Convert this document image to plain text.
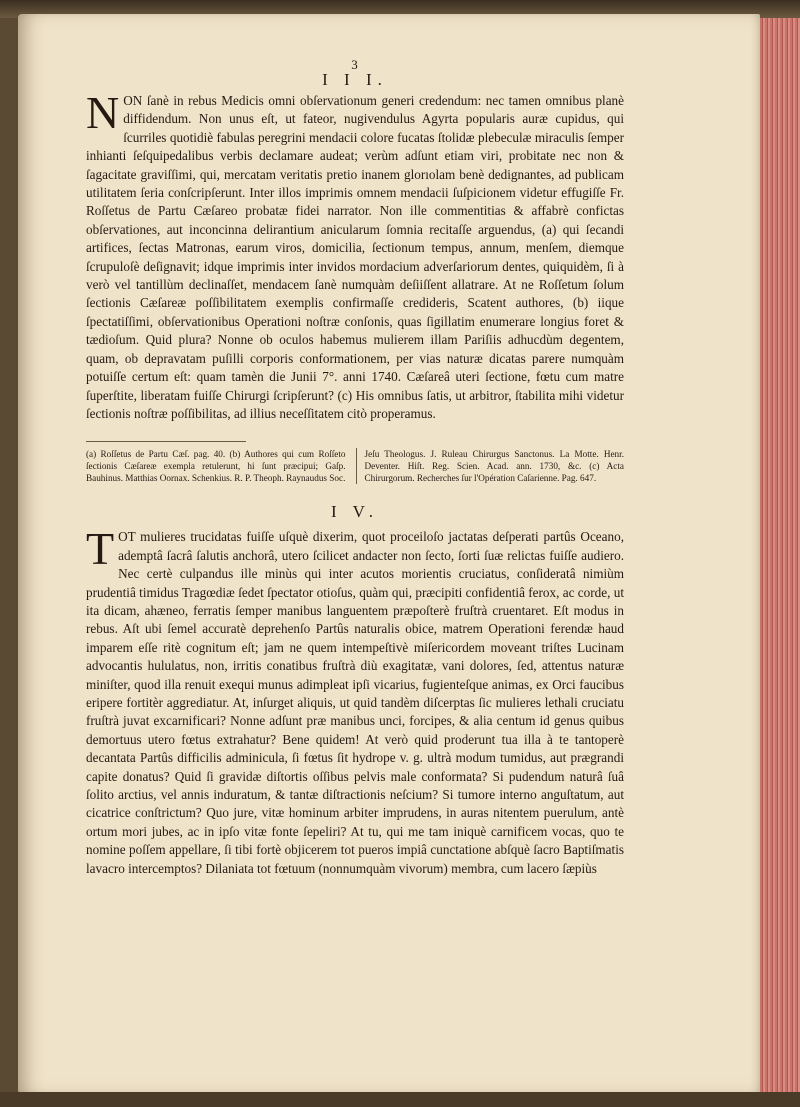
3
I I I.

NON ſanè in rebus Medicis omni obſervationum generi credendum: nec tamen omnibus planè diffidendum. Non unus eſt, ut fateor, nugivendulus Agyrta popularis auræ cupidus, qui ſcurriles quotidiè fabulas peregrini mendacii colore fucatas ſtolidæ plebeculæ miraculis ſemper inhianti ſeſquipedalibus verbis declamare audeat; verùm adſunt etiam viri, probitate nec non & ſagacitate graviſſimi, qui, mercatam veritatis pretio inanem glorıolam benè dedignantes, ad publicam utilitatem ſeria conſcripſerunt. Inter illos imprimis omnem mendacii ſuſpicionem videtur effugiſſe Fr. Roſſetus de Partu Cæſareo probatæ fidei narrator. Non ille commentitias & affabrè confictas obſervationes, aut inconcinna delirantium anicularum ſomnia recitaſſe arguendus, (a) qui ſecandi artifices, ſectas Matronas, earum viros, domicilia, ſectionum tempus, annum, menſem, diemque ſcrupuloſè deſignavit; idque imprimis inter invidos mordacium adverſariorum dentes, quiquidèm, ſi à verò vel tantillùm declinaſſet, mendacem ſanè numquàm deſiiſſent allatrare. At ne Roſſetum ſolum ſectionis Cæſareæ poſſibilitatem exemplis confirmaſſe credideris, Scatent authores, (b) iique ſpectatiſſimi, obſervationibus Operationi noſtræ conſonis, quas ſigillatim enumerare longius foret & tædioſum. Quid plura? Nonne ob oculos habemus mulierem illam Pariſiis adhucdùm degentem, quam, ob depravatam puſilli corporis conformationem, per vias naturæ dicatas parere numquàm potuiſſe certum eſt: quam tamèn die Junii 7°. anni 1740. Cæſareâ uteri ſectione, fœtu cum matre ſuperſtite, liberatam fuiſſe Chirurgi ſcripſerunt? (c) His omnibus ſatis, ut arbitror, ſtabilita mihi videtur ſectionis noſtræ poſſibilitas, ad illius neceſſitatem citò properamus.

(a) Roſſetus de Partu Cæſ. pag. 40. (b) Authores qui cum Roſſeto ſectionis Cæſareæ exempla retulerunt, hi ſunt præcipui; Gaſp. Bauhinus. Matthias Oornax. Schenkius. R. P. Theoph. Raynaudus Soc.

Jeſu Theologus. J. Ruleau Chirurgus Sanctonus. La Motte. Henr. Deventer. Hiſt. Reg. Scien. Acad. ann. 1730, &c. (c) Acta Chirurgorum. Recherches ſur l'Opération Caſarienne. Pag. 647.

I V.

TOT mulieres trucidatas fuiſſe uſquè dixerim, quot proceiloſo jactatas deſperati partûs Oceano, ademptâ ſacrâ ſalutis anchorâ, utero ſcilicet andacter non ſecto, ſorti ſuæ relictas fuiſſe audiero. Nec certè culpandus ille minùs qui inter acutos morientis cruciatus, conſideratâ nimiùm prudentiâ timidus Tragœdiæ ſedet ſpectator otioſus, quàm qui, præcipiti confidentiâ ferox, ac corde, ut ita dicam, ahæneo, ferratis ſemper manibus languentem præpoſterè fruſtrà cruentaret. Eſt modus in rebus. Aſt ubi ſemel accuratè deprehenſo Partûs naturalis obice, matrem Operationi ferendæ haud imparem eſſe ritè cognitum eſt; jam ne quem intempeſtivè miſericordem moveant triſtes Lucinam advocantis hululatus, non, irritis conatibus fruſtrà diù exagitatæ, vani dolores, ſed, attentus naturæ miniſter, quod illa renuit exequi munus adimpleat ipſi vicarius, fugienteſque animas, ex Orci faucibus eripere fortitèr aggrediatur. At, inſurget aliquis, ut quid tandèm diſcerptas ſic mulieres lethali cruciatu fruſtrà juvat excarnificari? Nonne adſunt præ manibus unci, forcipes, & alia centum id genus quibus demortuus utero fœtus extrahatur? Bene quidem! At verò quid proderunt tua illa à te tantoperè decantata Partûs difficilis adminicula, ſi fœtus ſit hydrope v. g. ultrà modum tumidus, aut prægrandi capite donatus? Quid ſi gravidæ diſtortis oſſibus pelvis male conformata? Si pudendum naturâ ſuâ ſolito arctius, vel annis induratum, & tantæ diſtractionis neſcium? Si tumore interno anguſtatum, aut cicatrice conſtrictum? Quo jure, vitæ hominum arbiter imprudens, in auras nitentem puerulum, antè ortum mori jubes, ac in ipſo vitæ fonte ſepeliri? At tu, qui me tam iniquè carnificem vocas, quo te nomine poſſem appellare, ſi tibi fortè objicerem tot pueros impiâ cunctatione abſquè ſacro Baptiſmatis lavacro intercemptos? Dilaniata tot fœtuum (nonnumquàm vivorum) membra, cum lacero ſæpiùs
